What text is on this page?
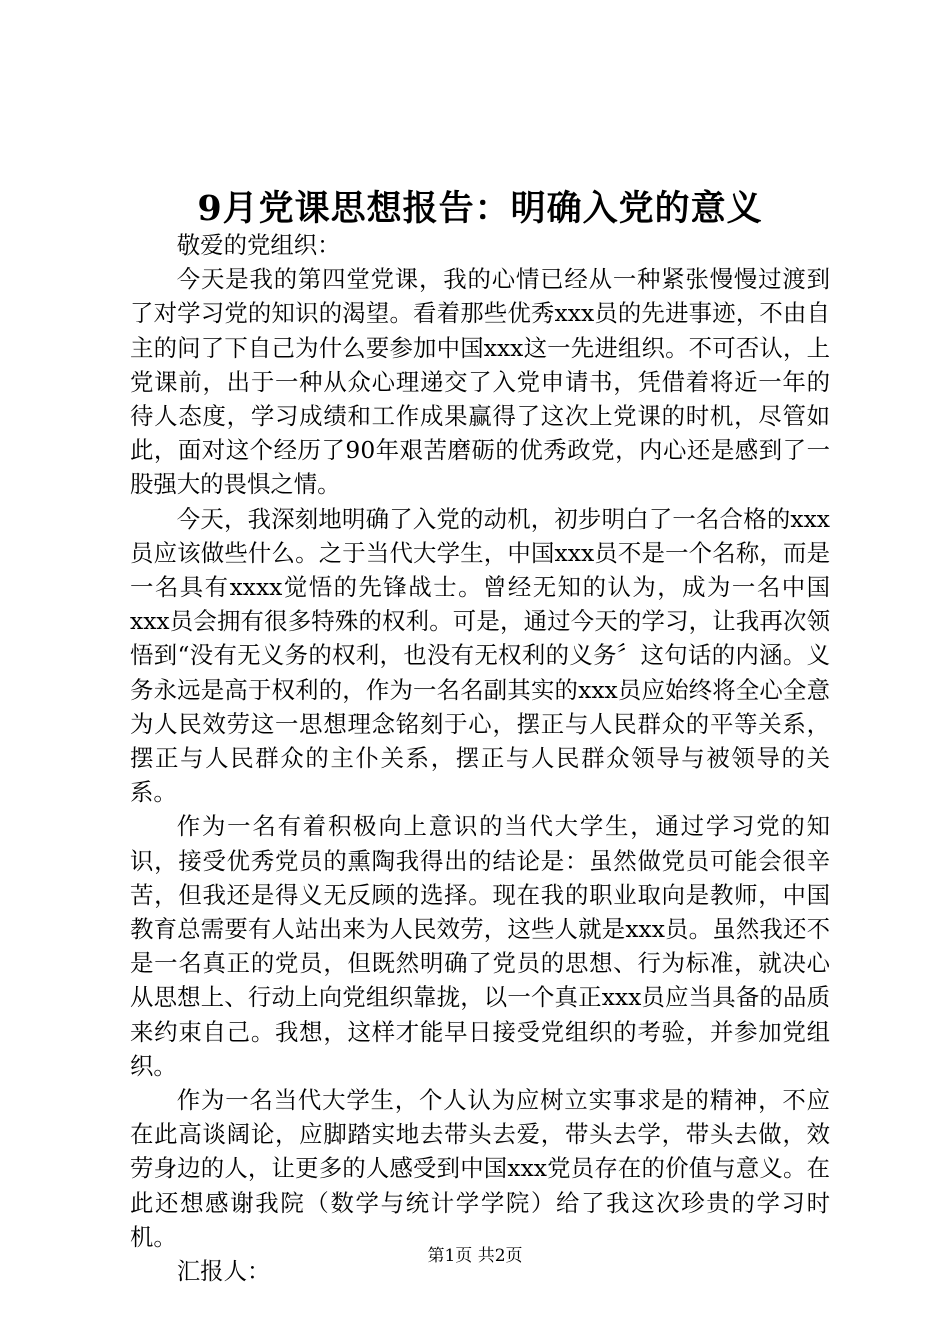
9月党课思想报告：明确入党的意义

敬爱的党组织：

今天是我的第四堂党课，我的心情已经从一种紧张慢慢过渡到了对学习党的知识的渴望。看着那些优秀xxx员的先进事迹，不由自主的问了下自己为什么要参加中国xxx这一先进组织。不可否认，上党课前，出于一种从众心理递交了入党申请书，凭借着将近一年的待人态度，学习成绩和工作成果赢得了这次上党课的时机，尽管如此，面对这个经历了90年艰苦磨砺的优秀政党，内心还是感到了一股强大的畏惧之情。

今天，我深刻地明确了入党的动机，初步明白了一名合格的xxx员应该做些什么。之于当代大学生，中国xxx员不是一个名称，而是一名具有xxxx觉悟的先锋战士。曾经无知的认为，成为一名中国xxx员会拥有很多特殊的权利。可是，通过今天的学习，让我再次领悟到“没有无义务的权利，也没有无权利的义务〞这句话的内涵。义务永远是高于权利的，作为一名名副其实的xxx员应始终将全心全意为人民效劳这一思想理念铭刻于心，摆正与人民群众的平等关系，摆正与人民群众的主仆关系，摆正与人民群众领导与被领导的关系。

作为一名有着积极向上意识的当代大学生，通过学习党的知识，接受优秀党员的熏陶我得出的结论是：虽然做党员可能会很辛苦，但我还是得义无反顾的选择。现在我的职业取向是教师，中国教育总需要有人站出来为人民效劳，这些人就是xxx员。虽然我还不是一名真正的党员，但既然明确了党员的思想、行为标准，就决心从思想上、行动上向党组织靠拢，以一个真正xxx员应当具备的品质来约束自己。我想，这样才能早日接受党组织的考验，并参加党组织。

作为一名当代大学生，个人认为应树立实事求是的精神，不应在此高谈阔论，应脚踏实地去带头去爱，带头去学，带头去做，效劳身边的人，让更多的人感受到中国xxx党员存在的价值与意义。在此还想感谢我院（数学与统计学学院）给了我这次珍贵的学习时机。

汇报人：

第1页 共2页
